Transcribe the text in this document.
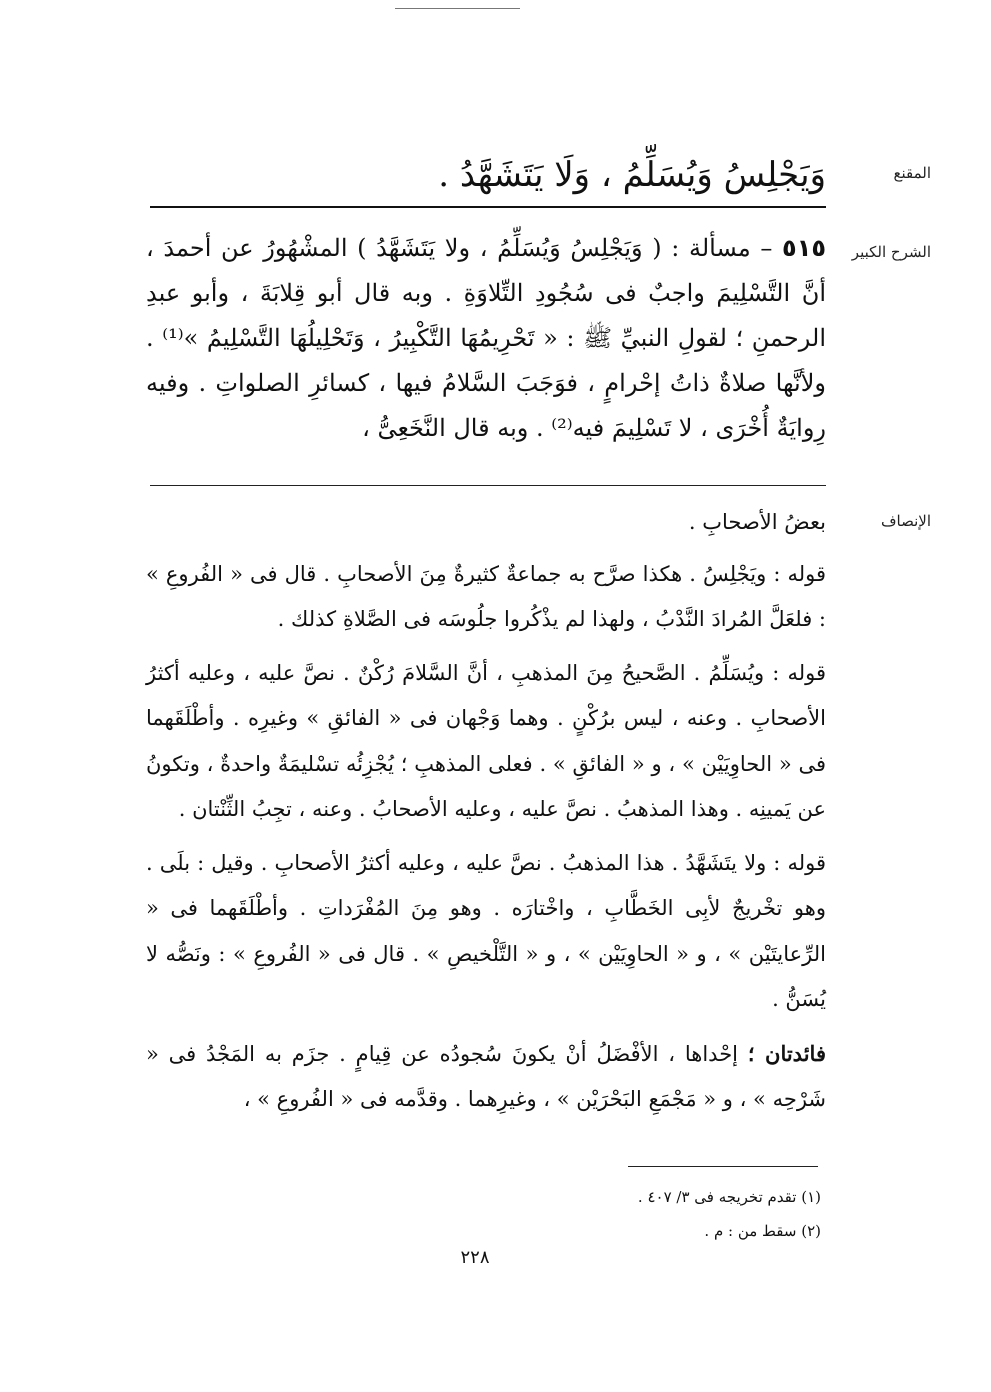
المقنع
وَيَجْلِسُ وَيُسَلِّمُ ، وَلَا يَتَشَهَّدُ .
الشرح الكبير

٥١٥ – مسألة : ( وَيَجْلِسُ وَيُسَلِّمُ ، ولا يَتَشَهَّدُ ) المشْهُورُ عن أحمدَ ، أنَّ التَّسْلِيمَ واجبٌ فى سُجُودِ التِّلاوَةِ . وبه قال أبو قِلابَةَ ، وأبو عبدِ الرحمنِ ؛ لقولِ النبيِّ ﷺ : « تَحْرِيمُهَا التَّكْبِيرُ ، وَتَحْلِيلُهَا التَّسْلِيمُ »⁽¹⁾ . ولأنَّها صلاةٌ ذاتُ إحْرامٍ ، فوَجَبَ السَّلامُ فيها ، كسائرِ الصلواتِ . وفيه رِوايَةٌ أُخْرَى ، لا تَسْلِيمَ فيه⁽²⁾ . وبه قال النَّخَعِىُّ ،

الإنصاف

بعضُ الأصحابِ .

قوله : ويَجْلِسُ . هكذا صرَّح به جماعةٌ كثيرةٌ مِنَ الأصحابِ . قال فى « الفُروعِ » : فلعَلَّ المُرادَ النَّدْبُ ، ولهذا لم يذْكُروا جلُوسَه فى الصَّلاةِ كذلك .

قوله : ويُسَلِّمُ . الصَّحيحُ مِنَ المذهبِ ، أنَّ السَّلامَ رُكْنٌ . نصَّ عليه ، وعليه أكثرُ الأصحابِ . وعنه ، ليس برُكْنٍ . وهما وَجْهان فى « الفائقِ » وغيرِه . وأطْلَقَهما فى « الحاوِيَيْن » ، و « الفائقِ » . فعلى المذهبِ ؛ يُجْزِئُه تسْليمَةٌ واحدةٌ ، وتكونُ عن يَمينِه . وهذا المذهبُ . نصَّ عليه ، وعليه الأصحابُ . وعنه ، تجِبُ الثِّنْتان .

قوله : ولا يتَشَهَّدُ . هذا المذهبُ . نصَّ عليه ، وعليه أكثرُ الأصحابِ . وقيل : بلَى . وهو تخْريجٌ لأبِى الخَطَّابِ ، واخْتارَه . وهو مِنَ المُفْرَداتِ . وأطْلَقَهما فى « الرِّعايتَيْن » ، و « الحاوِيَيْن » ، و « التَّلْخيصِ » . قال فى « الفُروعِ » : ونَصُّه لا يُسَنُّ .

فائدتان ؛ إحْداها ، الأفْضَلُ أنْ يكونَ سُجودُه عن قِيامٍ . جزَم به المَجْدُ فى « شَرْحِه » ، و « مَجْمَعِ البَحْرَيْن » ، وغيرِهما . وقدَّمه فى « الفُروعِ » ،

(١) تقدم تخريجه فى ٣/ ٤٠٧ .
(٢) سقط من : م .
٢٢٨
